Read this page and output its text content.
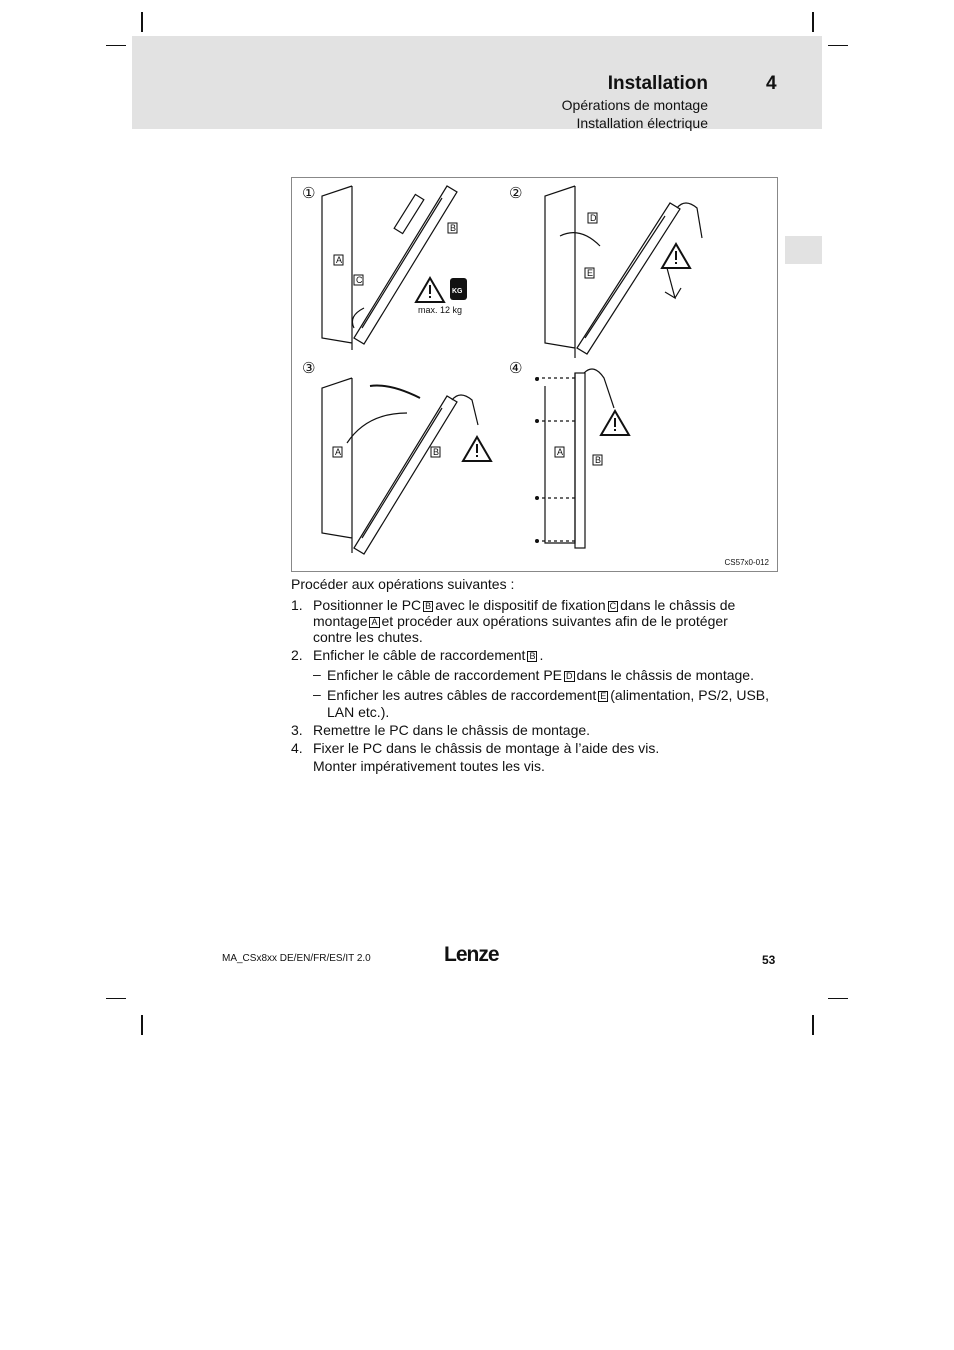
Installation	4
Opérations de montage
Installation électrique
①	②
③	④
A
B
C
D
E
A	B	A
B
max. 12 kg
KG
CS57x0-012
Procéder aux opérations suivantes :
1. Positionner le PC B avec le dispositif de fixation C dans le châssis de
montage A et procéder aux opérations suivantes afin de le protéger
contre les chutes.
2. Enficher le câble de raccordement B .
– Enficher le câble de raccordement PE D dans le châssis de montage.
– Enficher les autres câbles de raccordement E (alimentation, PS/2, USB,
LAN etc.).
3. Remettre le PC dans le châssis de montage.
4. Fixer le PC dans le châssis de montage à l’aide des vis.
Monter impérativement toutes les vis.
MA_CSx8xx DE/EN/FR/ES/IT 2.0	Lenze	53
